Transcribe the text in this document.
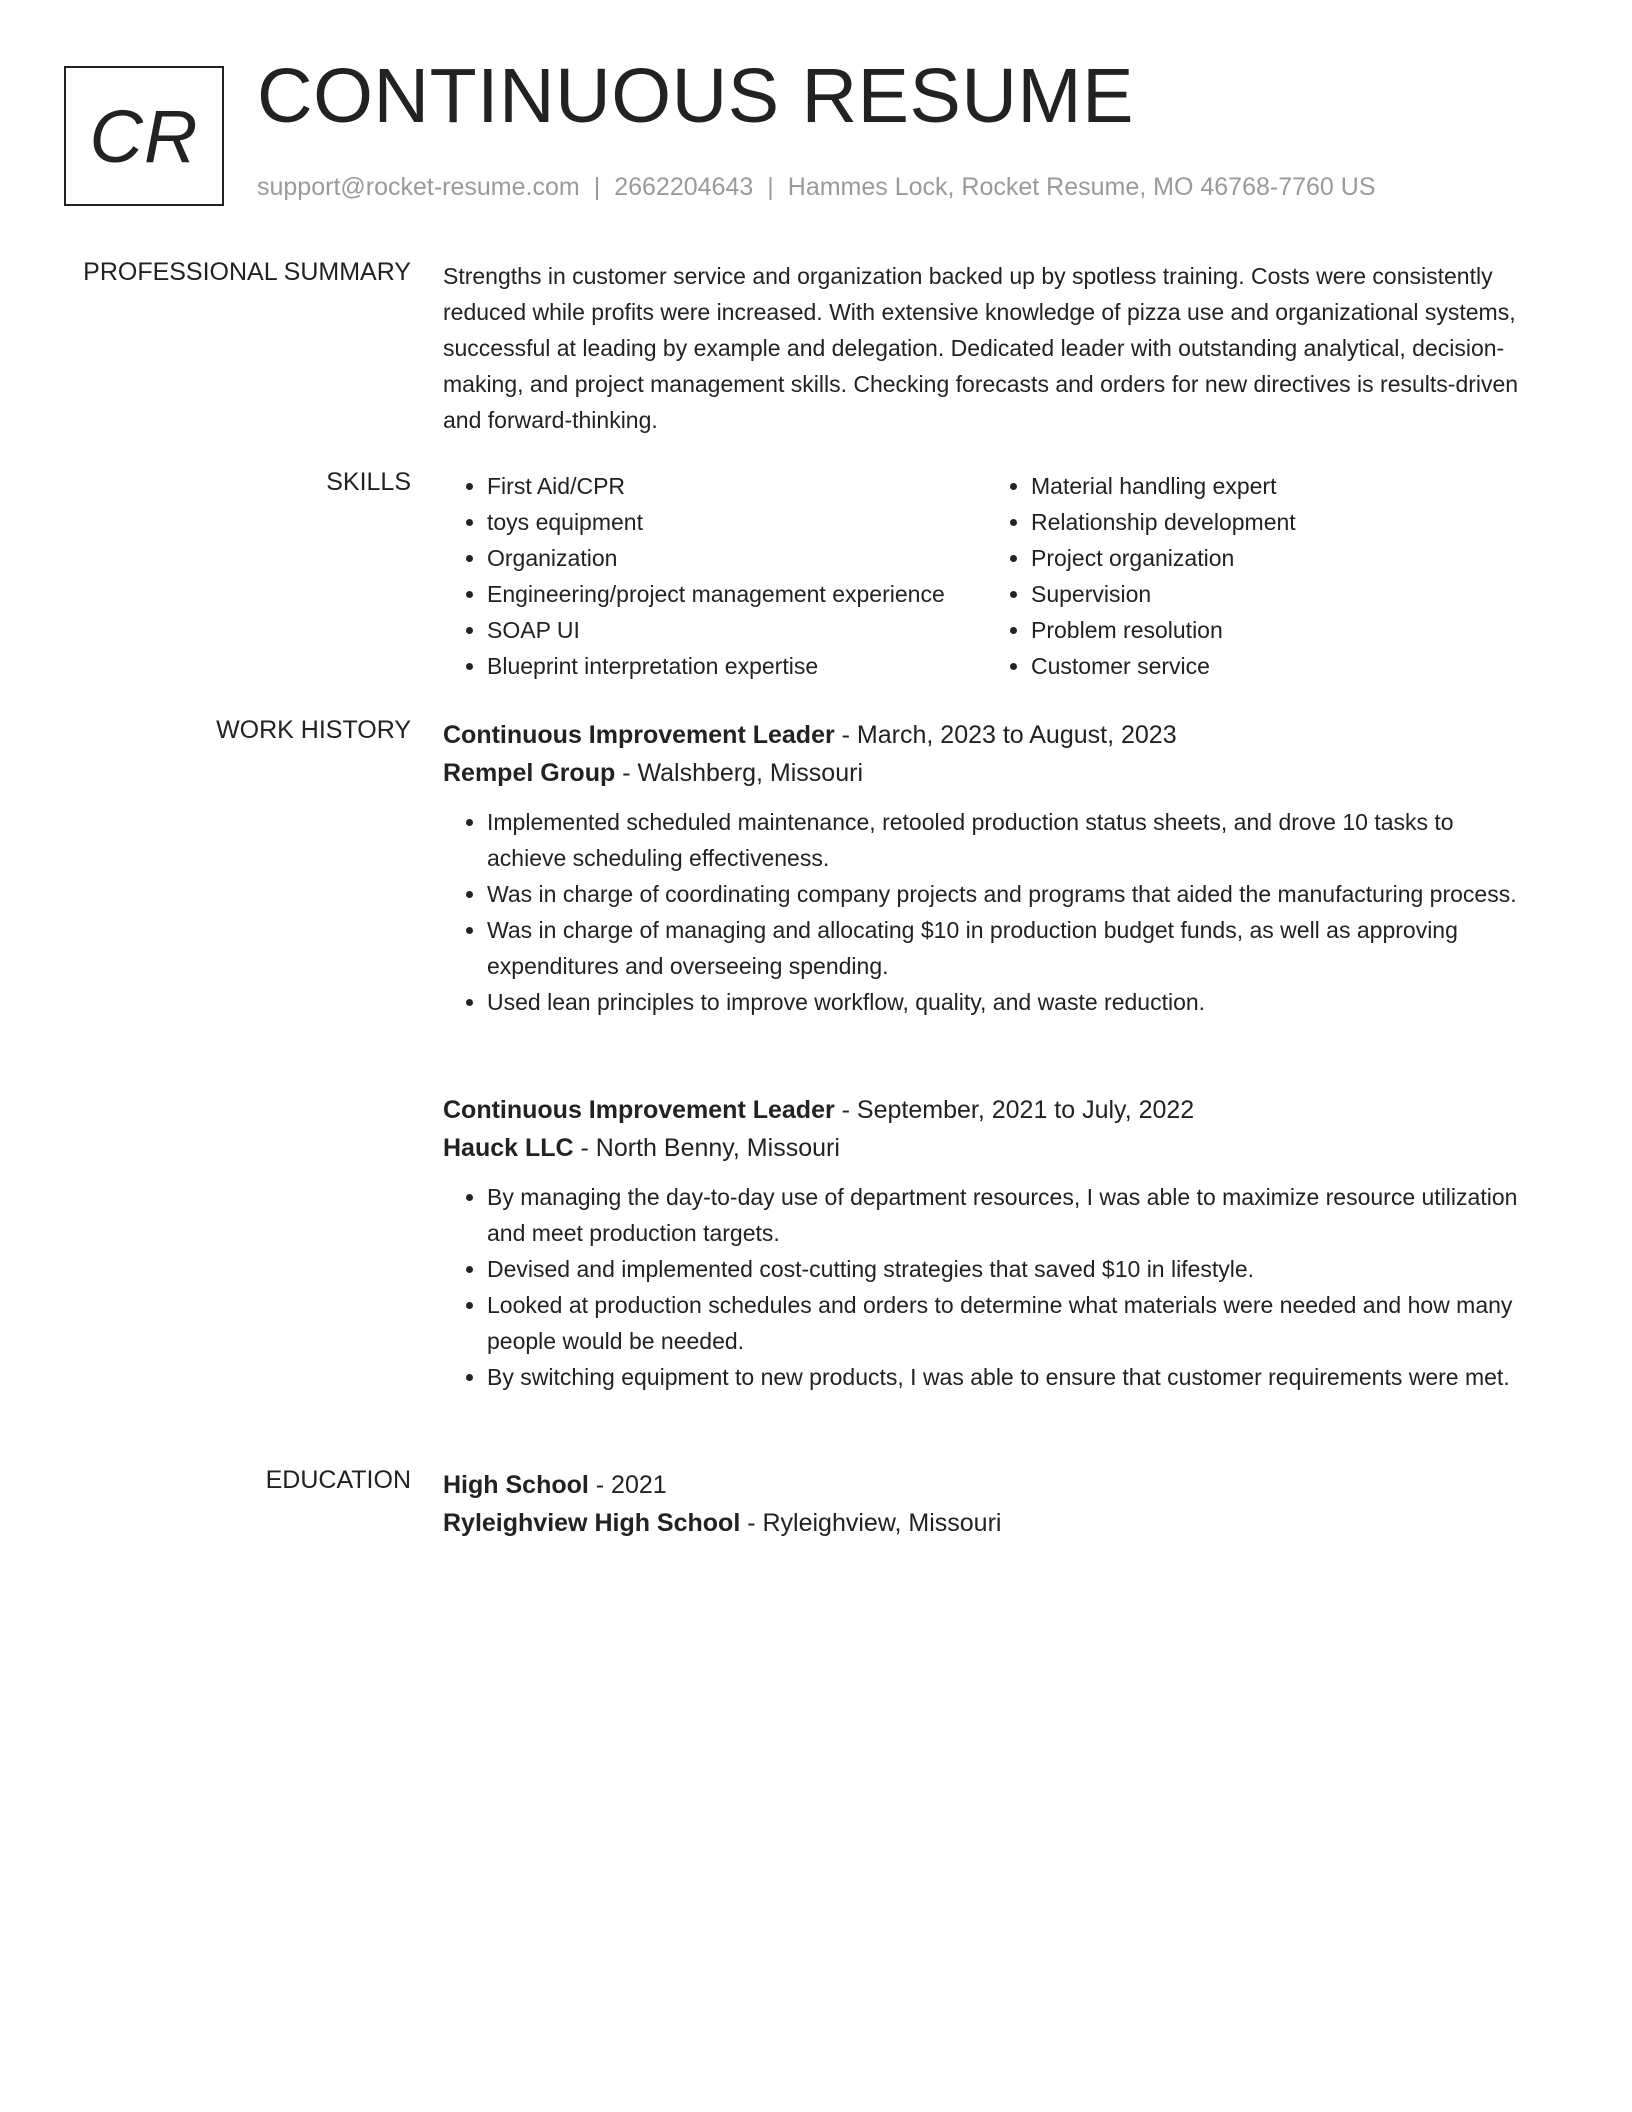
CR CONTINUOUS RESUME
support@rocket-resume.com | 2662204643 | Hammes Lock, Rocket Resume, MO 46768-7760 US
PROFESSIONAL SUMMARY Strengths in customer service and organization backed up by spotless training. Costs were consistently reduced while profits were increased. With extensive knowledge of pizza use and organizational systems, successful at leading by example and delegation. Dedicated leader with outstanding analytical, decision-making, and project management skills. Checking forecasts and orders for new directives is results-driven and forward-thinking.

SKILLS
•	First Aid/CPR
• toys equipment
• Organization
• Engineering/project management experience
• SOAP UI
• Blueprint interpretation expertise
• Material handling expert
• Relationship development
• Project organization
• Supervision
• Problem resolution
• Customer service
WORK HISTORY Continuous Improvement Leader - March, 2023 to August, 2023

Rempel Group - Walshberg, Missouri

• Implemented scheduled maintenance, retooled production status sheets, and drove 10 tasks to achieve scheduling effectiveness.
• Was in charge of coordinating company projects and programs that aided the manufacturing process.
• Was in charge of managing and allocating $10 in production budget funds, as well as approving expenditures and overseeing spending.
• Used lean principles to improve workflow, quality, and waste reduction.

Continuous Improvement Leader - September, 2021 to July, 2022

Hauck LLC - North Benny, Missouri

• By managing the day-to-day use of department resources, I was able to maximize resource utilization and meet production targets.
• Devised and implemented cost-cutting strategies that saved $10 in lifestyle.
• Looked at production schedules and orders to determine what materials were needed and how many people would be needed.
• By switching equipment to new products, I was able to ensure that customer requirements were met.
EDUCATION High School - 2021

Ryleighview High School - Ryleighview, Missouri
